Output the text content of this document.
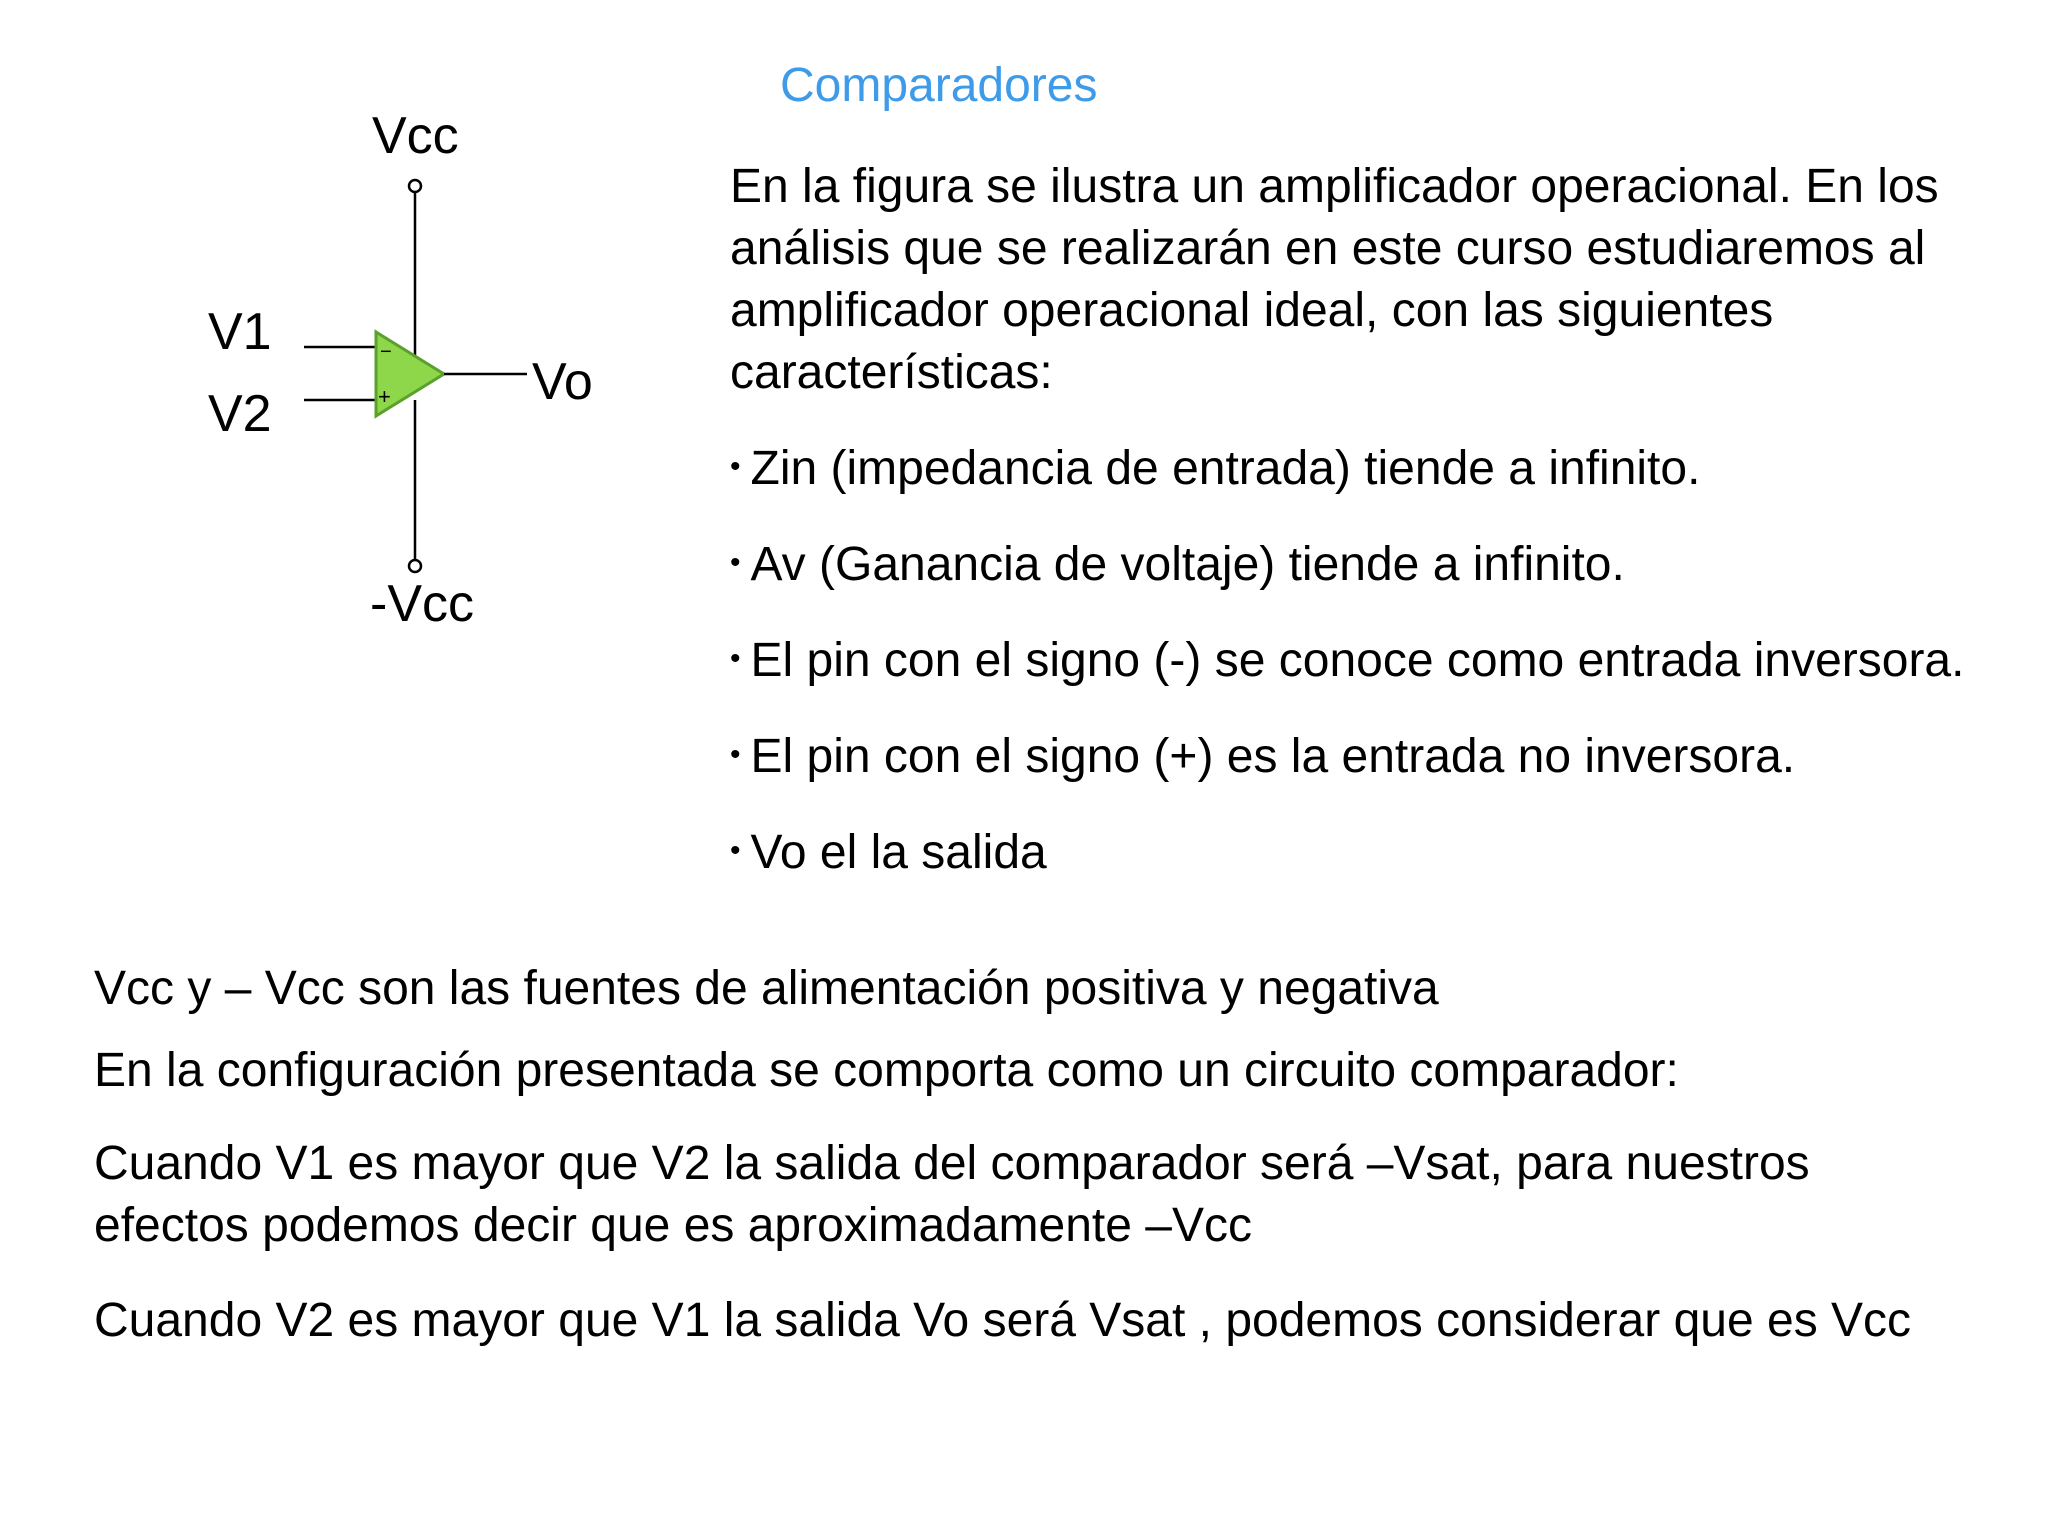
Comparadores
−
+
Vcc
-Vcc
V1
V2
Vo

En la figura se ilustra un amplificador operacional. En los análisis que se realizarán en este curso estudiaremos al amplificador operacional ideal, con las siguientes características:

• Zin (impedancia de entrada) tiende a infinito.
• Av (Ganancia de voltaje) tiende a infinito.
• El pin con el signo (-) se conoce como entrada inversora.
• El pin con el signo (+) es la entrada no inversora.
• Vo el la salida

Vcc y – Vcc son las fuentes de alimentación positiva y negativa

En la configuración presentada se comporta como un circuito comparador:

Cuando V1 es mayor que V2 la salida del comparador será –Vsat, para nuestros efectos podemos decir que es aproximadamente –Vcc

Cuando V2 es mayor que V1 la salida Vo será Vsat , podemos considerar que es Vcc
